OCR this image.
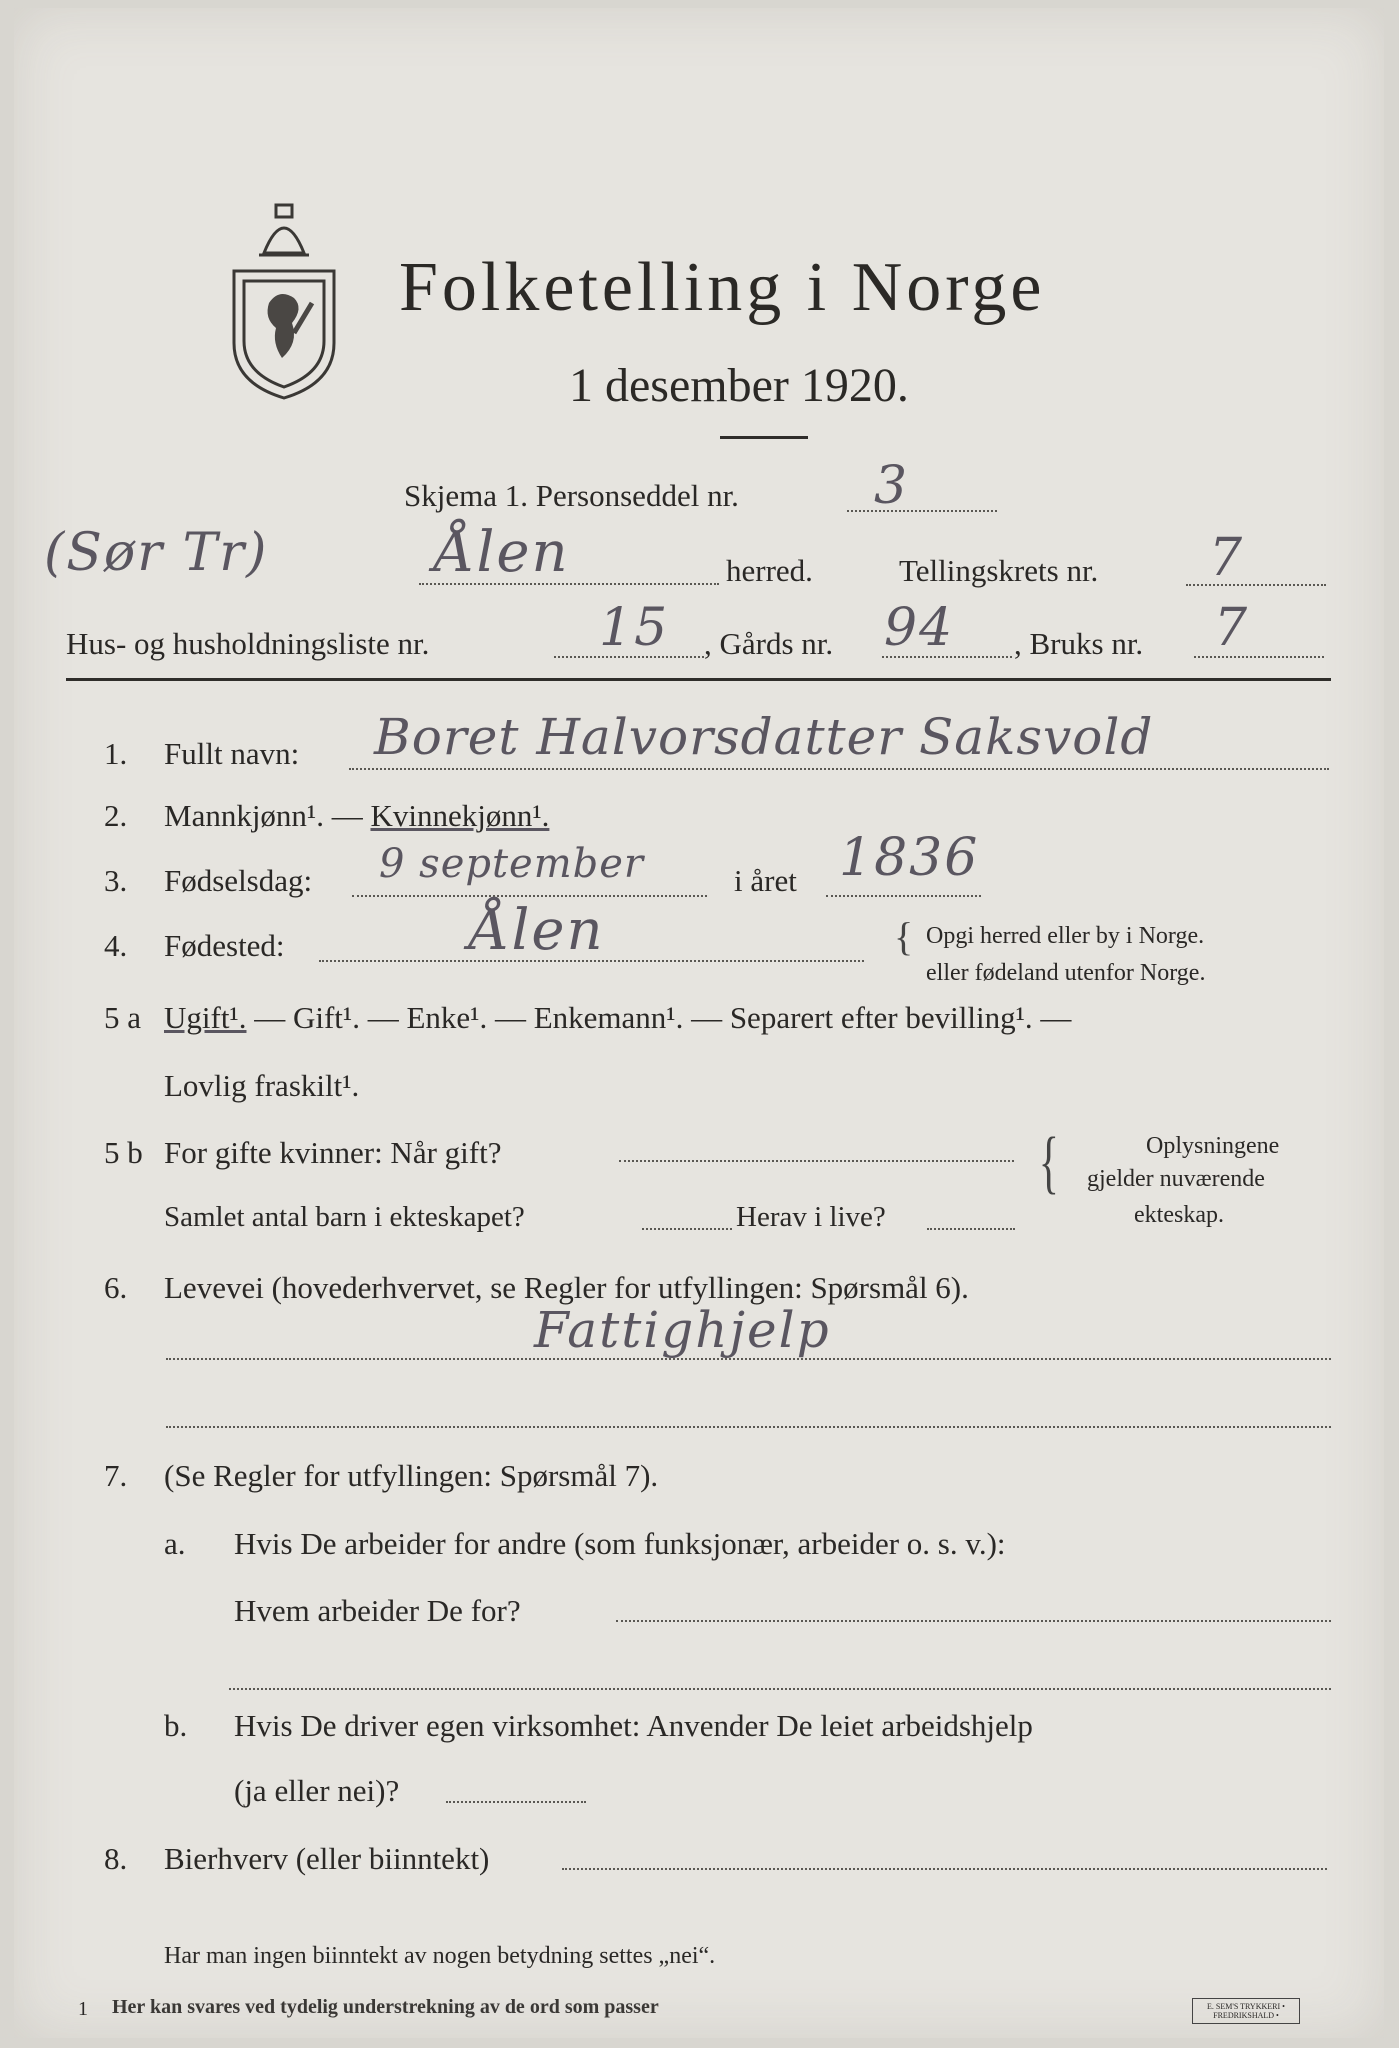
Folketelling i Norge
1 desember 1920.
Skjema 1. Personseddel nr.	3
(Sør Tr)	Ålen	herred.	Tellingskrets nr. 7
Hus- og husholdningsliste nr.	15 , Gårds nr. 94 , Bruks nr. 7
1. Fullt navn: Boret Halvorsdatter Saksvold
2. Mannkjønn¹. — Kvinnekjønn¹.
3. Fødselsdag: 9 september	i året 1836
4. Fødested:	Ålen	{ Opgi herred eller by i Norge.
eller fødeland utenfor Norge.
5 a Ugift¹. — Gift¹. — Enke¹. — Enkemann¹. — Separert efter bevilling¹. —
Lovlig fraskilt¹.
5 b For gifte kvinner: Når gift?
Samlet antal barn i ekteskapet?	Herav i live?
{	Oplysningene
gjelder nuværende
ekteskap.
6. Levevei (hovederhvervet, se Regler for utfyllingen: Spørsmål 6).
Fattighjelp
7. (Se Regler for utfyllingen: Spørsmål 7).
a. Hvis De arbeider for andre (som funksjonær, arbeider o. s. v.):
Hvem arbeider De for?
b. Hvis De driver egen virksomhet: Anvender De leiet arbeidshjelp
(ja eller nei)?
8. Bierhverv (eller biinntekt)
Har man ingen biinntekt av nogen betydning settes „nei“.
1 Her kan svares ved tydelig understrekning av de ord som passer	E. SEM'S TRYKKERI • FREDRIKSHALD •
